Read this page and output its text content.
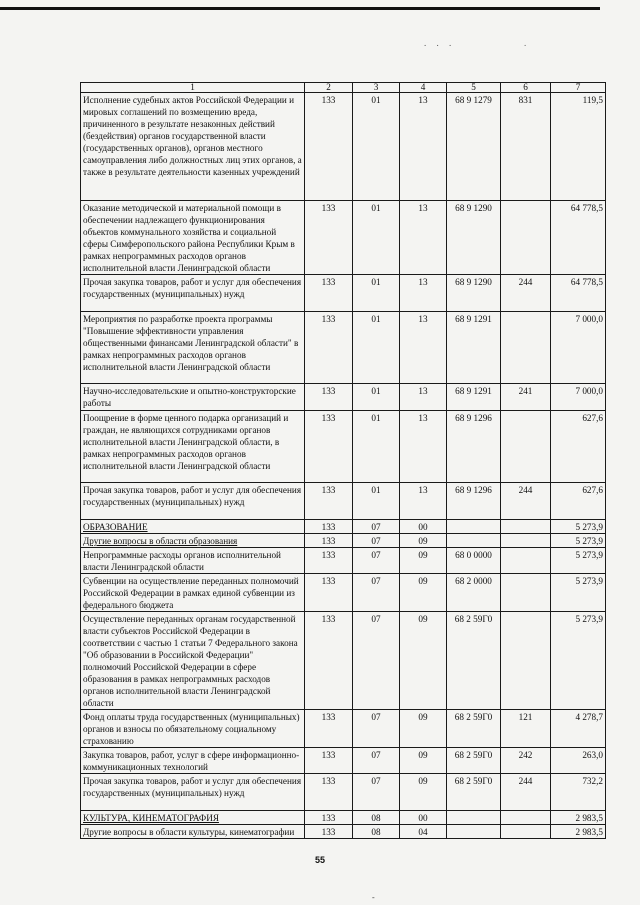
. . .	.
1	2	3	4	5	6	7
Исполнение судебных актов Российской Федерации и мировых соглашений по возмещению вреда, причиненного в результате незаконных действий (бездействия) органов государственной власти (государственных органов), органов местного самоуправления либо должностных лиц этих органов, а также в результате деятельности казенных учреждений	133	01	13	68 9 1279	831	119,5
Оказание методической и материальной помощи в обеспечении надлежащего функционирования объектов коммунального хозяйства и социальной сферы Симферопольского района Республики Крым в рамках непрограммных расходов органов исполнительной власти Ленинградской области	133	01	13	68 9 1290		64 778,5
Прочая закупка товаров, работ и услуг для обеспечения государственных (муниципальных) нужд	133	01	13	68 9 1290	244	64 778,5
Мероприятия по разработке проекта программы "Повышение эффективности управления общественными финансами Ленинградской области" в рамках непрограммных расходов органов исполнительной власти Ленинградской области	133	01	13	68 9 1291		7 000,0
Научно-исследовательские и опытно-конструкторские работы	133	01	13	68 9 1291	241	7 000,0
Поощрение в форме ценного подарка организаций и граждан, не являющихся сотрудниками органов исполнительной власти Ленинградской области, в рамках непрограммных расходов органов исполнительной власти Ленинградской области	133	01	13	68 9 1296		627,6
Прочая закупка товаров, работ и услуг для обеспечения государственных (муниципальных) нужд	133	01	13	68 9 1296	244	627,6
ОБРАЗОВАНИЕ	133	07	00			5 273,9
Другие вопросы в области образования	133	07	09			5 273,9
Непрограммные расходы органов исполнительной власти Ленинградской области	133	07	09	68 0 0000		5 273,9
Субвенции на осуществление переданных полномочий Российской Федерации в рамках единой субвенции из федерального бюджета	133	07	09	68 2 0000		5 273,9
Осуществление переданных органам государственной власти субъектов Российской Федерации в соответствии с частью 1 статьи 7 Федерального закона "Об образовании в Российской Федерации" полномочий Российской Федерации в сфере образования в рамках непрограммных расходов органов исполнительной власти Ленинградской области	133	07	09	68 2 59Г0		5 273,9
Фонд оплаты труда государственных (муниципальных) органов и взносы по обязательному социальному страхованию	133	07	09	68 2 59Г0	121	4 278,7
Закупка товаров, работ, услуг в сфере информационно-коммуникационных технологий	133	07	09	68 2 59Г0	242	263,0
Прочая закупка товаров, работ и услуг для обеспечения государственных (муниципальных) нужд	133	07	09	68 2 59Г0	244	732,2
КУЛЬТУРА, КИНЕМАТОГРАФИЯ	133	08	00			2 983,5
Другие вопросы в области культуры, кинематографии	133	08	04			2 983,5
55
-
